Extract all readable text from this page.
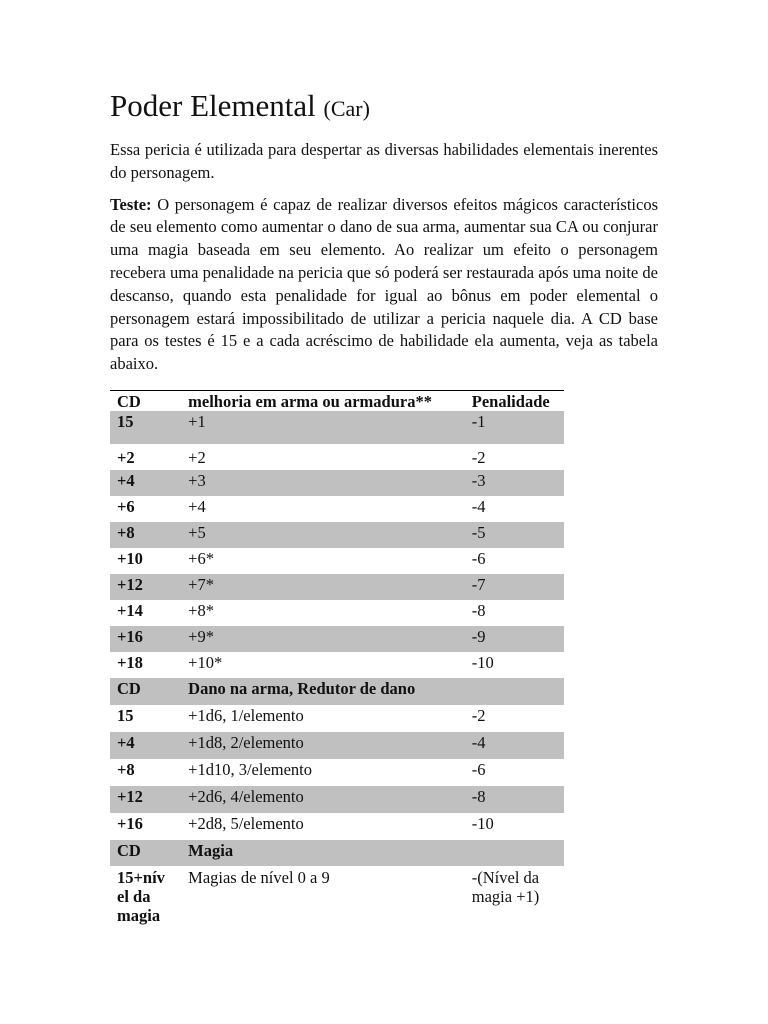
Poder Elemental (Car)

Essa pericia é utilizada para despertar as diversas habilidades elementais inerentes do personagem.

Teste: O personagem é capaz de realizar diversos efeitos mágicos característicos de seu elemento como aumentar o dano de sua arma, aumentar sua CA ou conjurar uma magia baseada em seu elemento. Ao realizar um efeito o personagem recebera uma penalidade na pericia que só poderá ser restaurada após uma noite de descanso, quando esta penalidade for igual ao bônus em poder elemental o personagem estará impossibilitado de utilizar a pericia naquele dia. A CD base para os testes é 15 e a cada acréscimo de habilidade ela aumenta, veja as tabela abaixo.

CD	melhoria em arma ou armadura**	Penalidade
15	+1	-1
+2	+2	-2
+4	+3	-3
+6	+4	-4
+8	+5	-5
+10	+6*	-6
+12	+7*	-7
+14	+8*	-8
+16	+9*	-9
+18	+10*	-10
CD	Dano na arma, Redutor de dano	
15	+1d6, 1/elemento	-2
+4	+1d8, 2/elemento	-4
+8	+1d10, 3/elemento	-6
+12	+2d6, 4/elemento	-8
+16	+2d8, 5/elemento	-10
CD	Magia	
15+nív
el da
magia	Magias de nível 0 a 9	-(Nível da
magia +1)
